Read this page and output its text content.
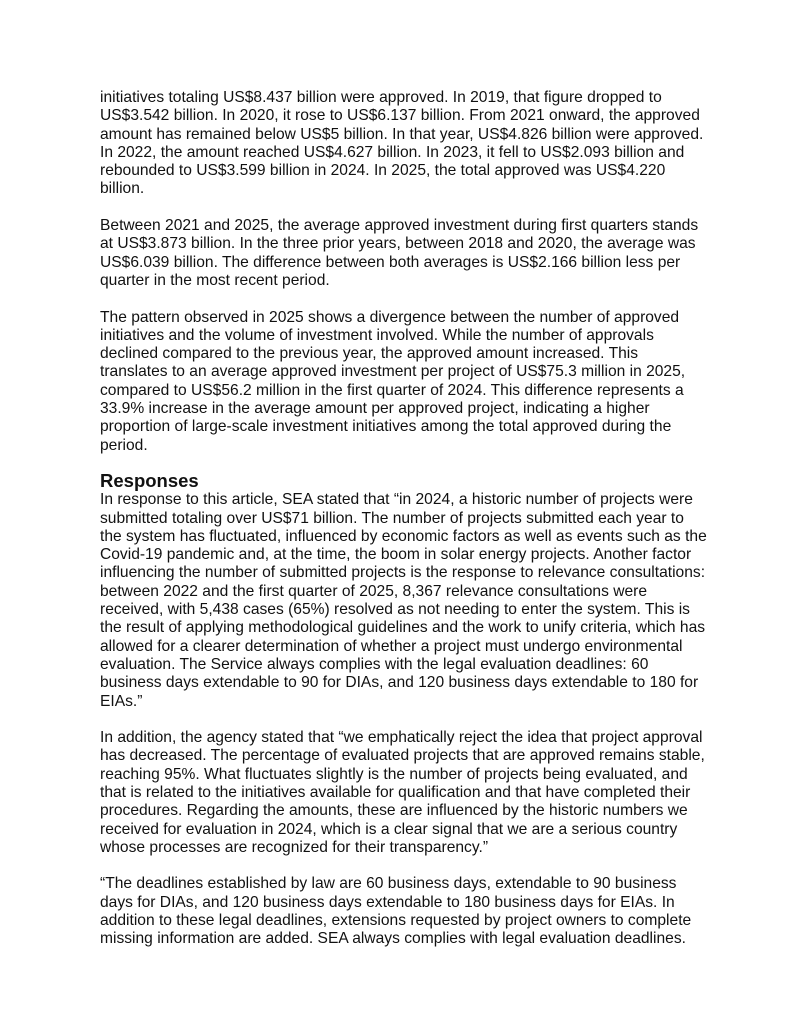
initiatives totaling US$8.437 billion were approved. In 2019, that figure dropped to
US$3.542 billion. In 2020, it rose to US$6.137 billion. From 2021 onward, the approved
amount has remained below US$5 billion. In that year, US$4.826 billion were approved.
In 2022, the amount reached US$4.627 billion. In 2023, it fell to US$2.093 billion and
rebounded to US$3.599 billion in 2024. In 2025, the total approved was US$4.220
billion.

Between 2021 and 2025, the average approved investment during first quarters stands
at US$3.873 billion. In the three prior years, between 2018 and 2020, the average was
US$6.039 billion. The difference between both averages is US$2.166 billion less per
quarter in the most recent period.

The pattern observed in 2025 shows a divergence between the number of approved
initiatives and the volume of investment involved. While the number of approvals
declined compared to the previous year, the approved amount increased. This
translates to an average approved investment per project of US$75.3 million in 2025,
compared to US$56.2 million in the first quarter of 2024. This difference represents a
33.9% increase in the average amount per approved project, indicating a higher
proportion of large-scale investment initiatives among the total approved during the
period.

Responses

In response to this article, SEA stated that “in 2024, a historic number of projects were
submitted totaling over US$71 billion. The number of projects submitted each year to
the system has fluctuated, influenced by economic factors as well as events such as the
Covid-19 pandemic and, at the time, the boom in solar energy projects. Another factor
influencing the number of submitted projects is the response to relevance consultations:
between 2022 and the first quarter of 2025, 8,367 relevance consultations were
received, with 5,438 cases (65%) resolved as not needing to enter the system. This is
the result of applying methodological guidelines and the work to unify criteria, which has
allowed for a clearer determination of whether a project must undergo environmental
evaluation. The Service always complies with the legal evaluation deadlines: 60
business days extendable to 90 for DIAs, and 120 business days extendable to 180 for
EIAs.”

In addition, the agency stated that “we emphatically reject the idea that project approval
has decreased. The percentage of evaluated projects that are approved remains stable,
reaching 95%. What fluctuates slightly is the number of projects being evaluated, and
that is related to the initiatives available for qualification and that have completed their
procedures. Regarding the amounts, these are influenced by the historic numbers we
received for evaluation in 2024, which is a clear signal that we are a serious country
whose processes are recognized for their transparency.”

“The deadlines established by law are 60 business days, extendable to 90 business
days for DIAs, and 120 business days extendable to 180 business days for EIAs. In
addition to these legal deadlines, extensions requested by project owners to complete
missing information are added. SEA always complies with legal evaluation deadlines.
